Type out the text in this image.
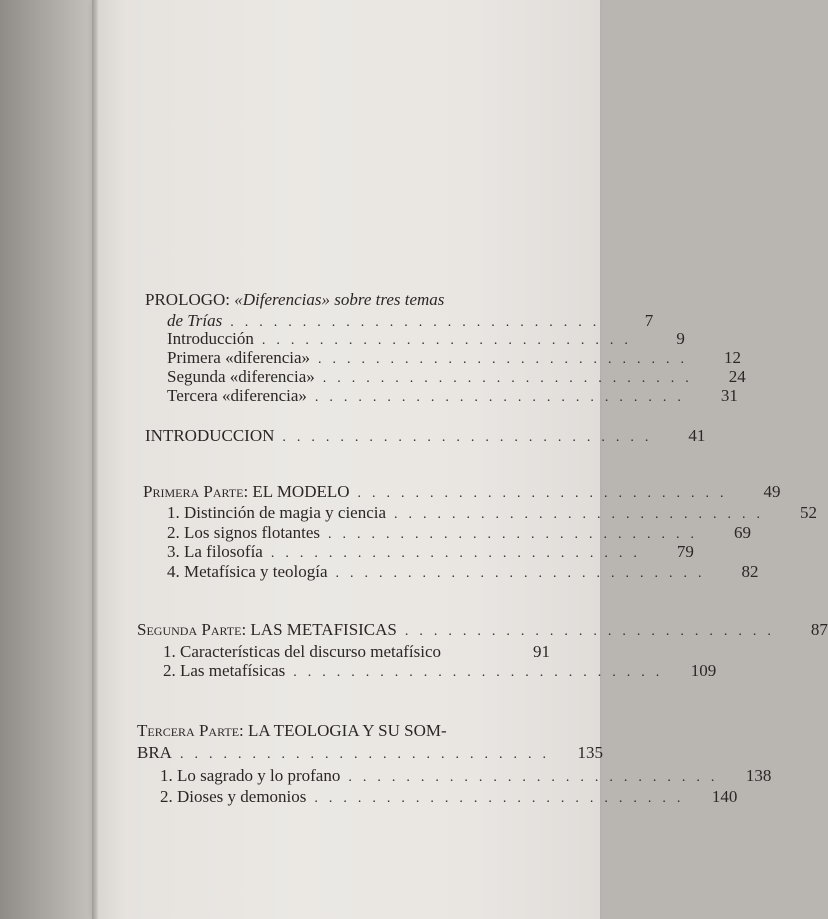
PROLOGO: «Diferencias» sobre tres temas
de Trías ..........................	7
Introducción ..........................	9
Primera «diferencia» ..........................	12
Segunda «diferencia» ..........................	24
Tercera «diferencia» ..........................	31
INTRODUCCION ..........................	41
Primera Parte: EL MODELO ..........................	49
1. Distinción de magia y ciencia ..........................	52
2. Los signos flotantes ..........................	69
3. La filosofía ..........................	79
4. Metafísica y teología ..........................	82
Segunda Parte: LAS METAFISICAS ..........................	87
1. Características del discurso metafísico	91
2. Las metafísicas ..........................	109
Tercera Parte: LA TEOLOGIA Y SU SOM-
BRA ..........................	135
1. Lo sagrado y lo profano ..........................	138
2. Dioses y demonios ..........................	140
